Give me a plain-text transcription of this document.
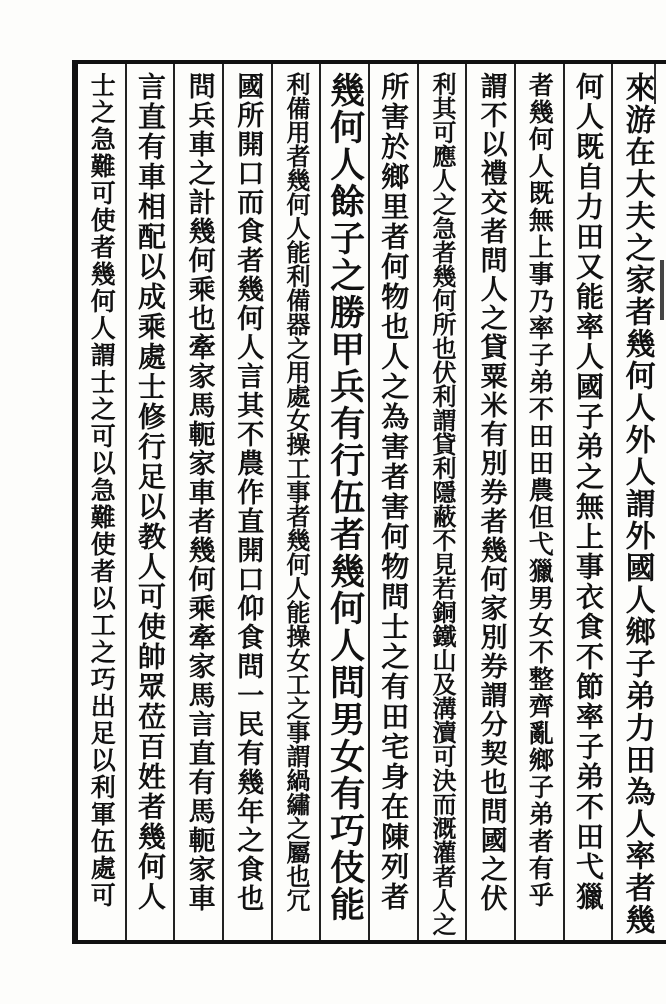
來游在大夫之家者幾何人外人謂外國人鄉子弟力田為人率者幾
何人既自力田又能率人國子弟之無上事衣食不節率子弟不田弋獵
者幾何人既無上事乃率子弟不田田農但弋獵男女不整齊亂鄉子弟者有乎
謂不以禮交者問人之貸粟米有別券者幾何家別券謂分契也問國之伏
利其可應人之急者幾何所也伏利謂貸利隱蔽不見若銅鐵山及溝瀆可決而溉灌者人之
所害於鄉里者何物也人之為害者害何物問士之有田宅身在陳列者
幾何人餘子之勝甲兵有行伍者幾何人問男女有巧伎能
利備用者幾何人能利備器之用處女操工事者幾何人能操女工之事謂緺繡之屬也冗
國所開口而食者幾何人言其不農作直開口仰食問一民有幾年之食也
問兵車之計幾何乘也牽家馬軛家車者幾何乘牽家馬言直有馬軛家車
言直有車相配以成乘處士修行足以教人可使帥眾莅百姓者幾何人
士之急難可使者幾何人謂士之可以急難使者以工之巧出足以利軍伍處可
